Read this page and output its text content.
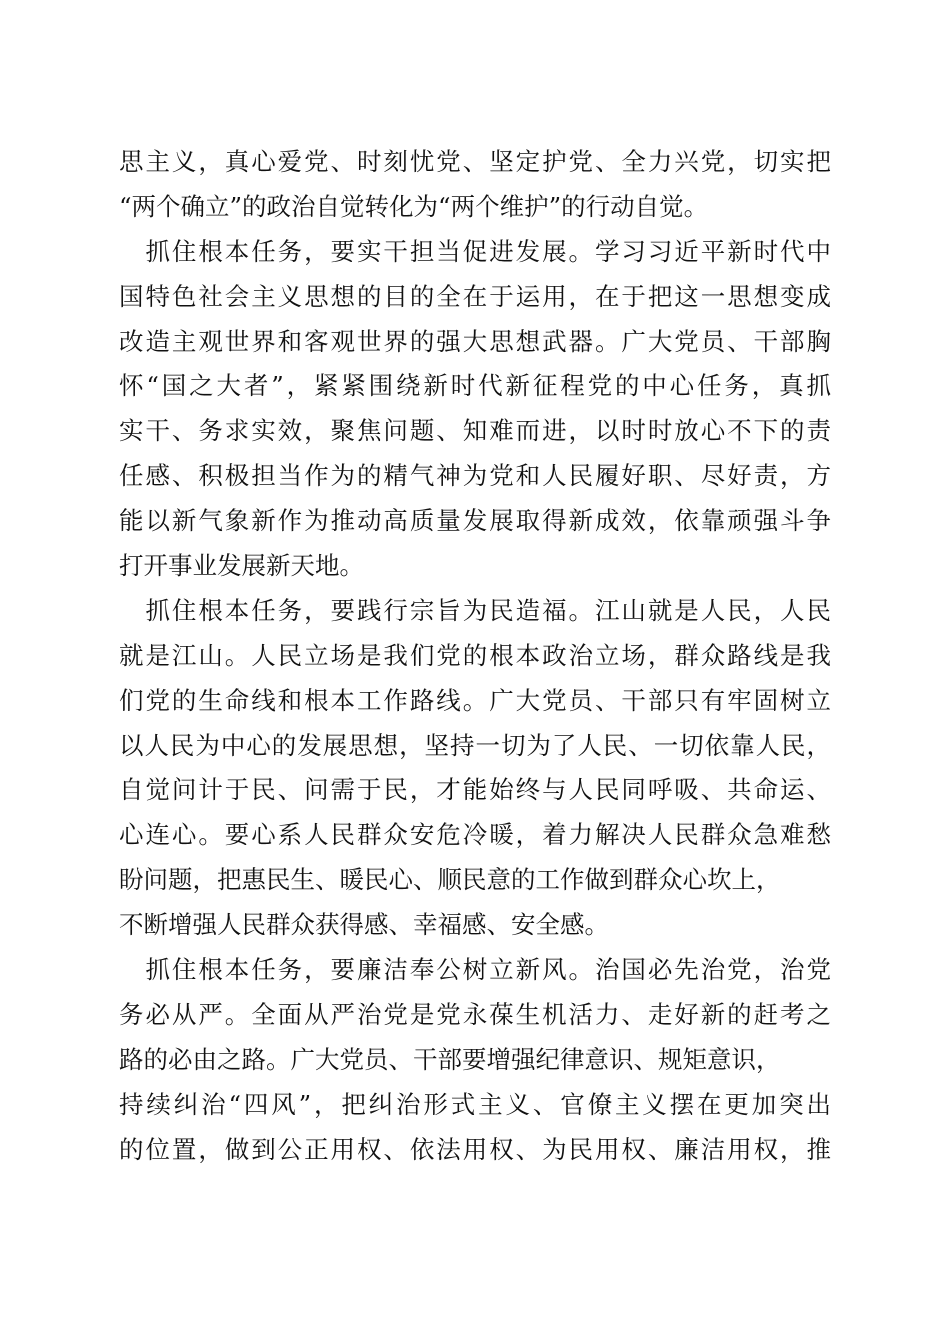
思主义，真心爱党、时刻忧党、坚定护党、全力兴党，切实把
“两个确立”的政治自觉转化为“两个维护”的行动自觉。
　抓住根本任务，要实干担当促进发展。学习习近平新时代中
国特色社会主义思想的目的全在于运用，在于把这一思想变成
改造主观世界和客观世界的强大思想武器。广大党员、干部胸
怀“国之大者”，紧紧围绕新时代新征程党的中心任务，真抓
实干、务求实效，聚焦问题、知难而进，以时时放心不下的责
任感、积极担当作为的精气神为党和人民履好职、尽好责，方
能以新气象新作为推动高质量发展取得新成效，依靠顽强斗争
打开事业发展新天地。
　抓住根本任务，要践行宗旨为民造福。江山就是人民，人民
就是江山。人民立场是我们党的根本政治立场，群众路线是我
们党的生命线和根本工作路线。广大党员、干部只有牢固树立
以人民为中心的发展思想，坚持一切为了人民、一切依靠人民，
自觉问计于民、问需于民，才能始终与人民同呼吸、共命运、
心连心。要心系人民群众安危冷暖，着力解决人民群众急难愁
盼问题，把惠民生、暖民心、顺民意的工作做到群众心坎上，
不断增强人民群众获得感、幸福感、安全感。
　抓住根本任务，要廉洁奉公树立新风。治国必先治党，治党
务必从严。全面从严治党是党永葆生机活力、走好新的赶考之
路的必由之路。广大党员、干部要增强纪律意识、规矩意识，
持续纠治“四风”，把纠治形式主义、官僚主义摆在更加突出
的位置，做到公正用权、依法用权、为民用权、廉洁用权，推
